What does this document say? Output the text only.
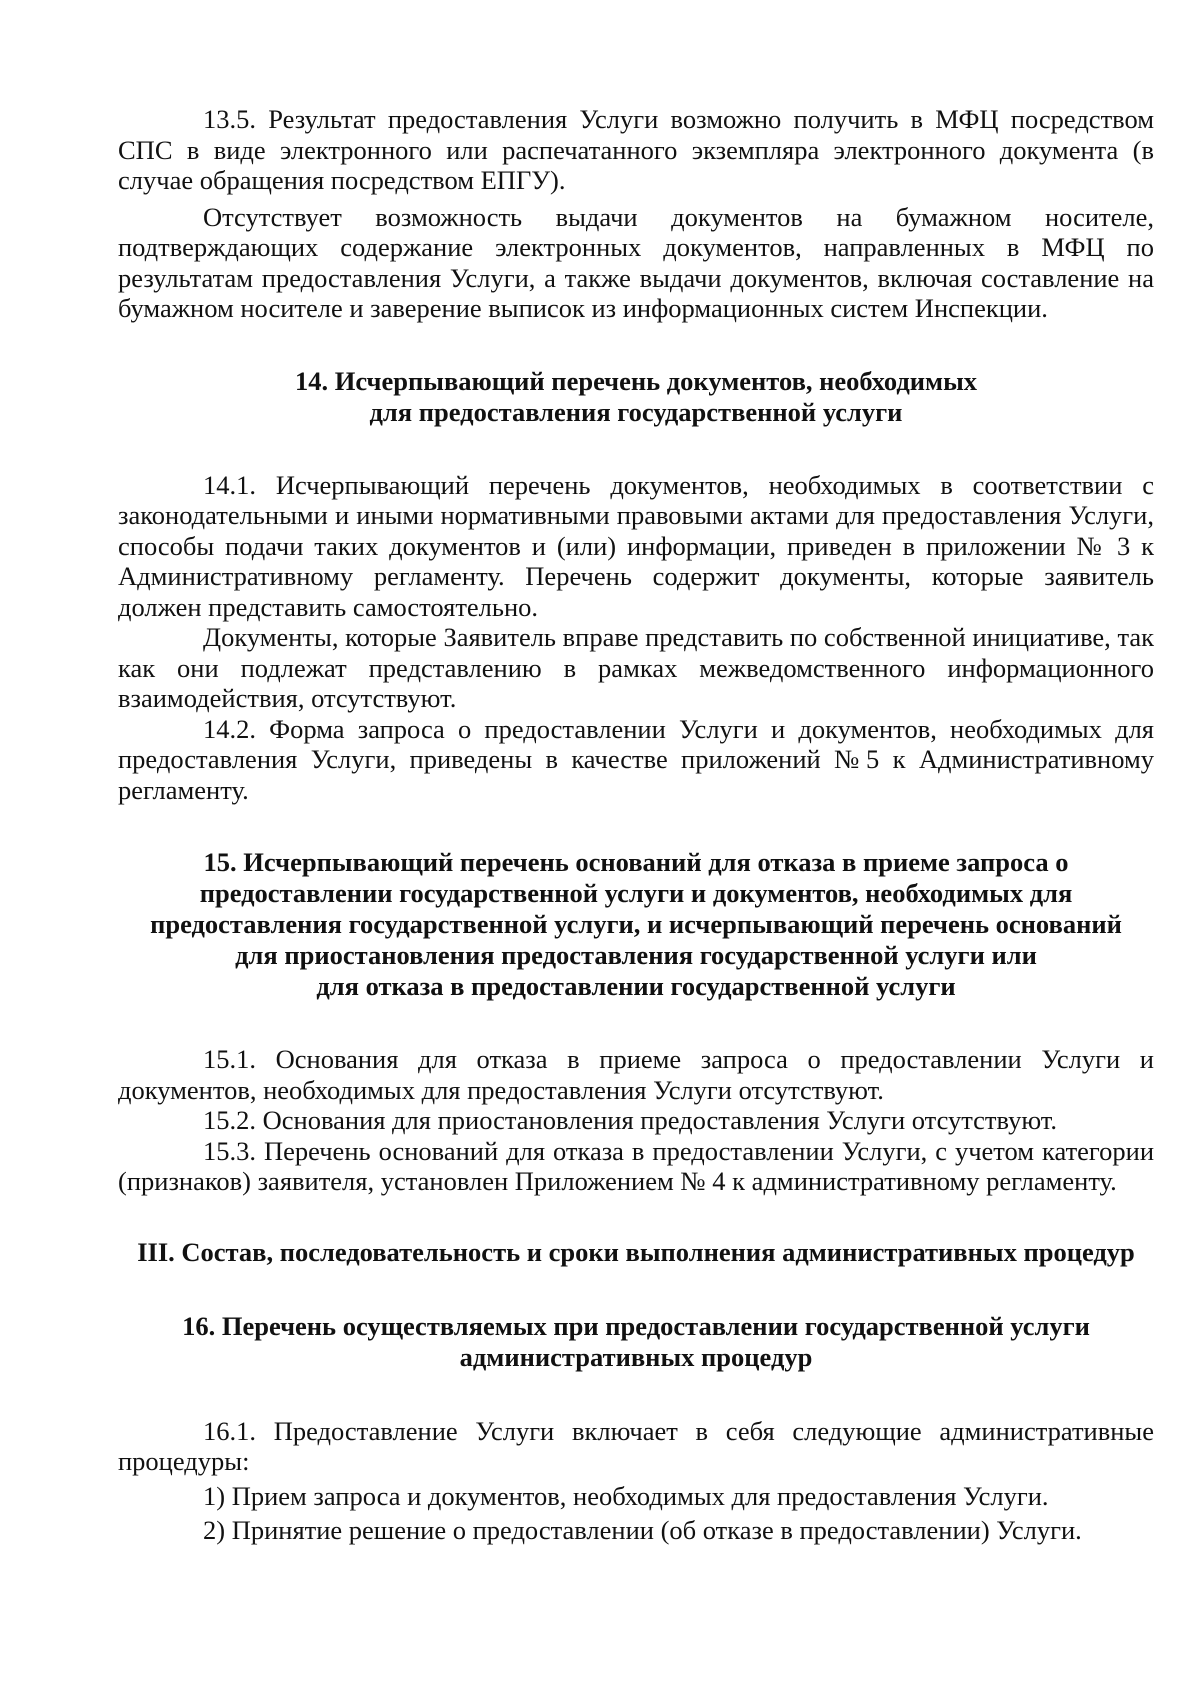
13.5. Результат предоставления Услуги возможно получить в МФЦ посредством СПС в виде электронного или распечатанного экземпляра электронного документа (в случае обращения посредством ЕПГУ).

Отсутствует возможность выдачи документов на бумажном носителе, подтверждающих содержание электронных документов, направленных в МФЦ по результатам предоставления Услуги, а также выдачи документов, включая составление на бумажном носителе и заверение выписок из информационных систем Инспекции.

14. Исчерпывающий перечень документов, необходимых
для предоставления государственной услуги

14.1. Исчерпывающий перечень документов, необходимых в соответствии с законодательными и иными нормативными правовыми актами для предоставления Услуги, способы подачи таких документов и (или) информации, приведен в приложении № 3 к Административному регламенту. Перечень содержит документы, которые заявитель должен представить самостоятельно.

Документы, которые Заявитель вправе представить по собственной инициативе, так как они подлежат представлению в рамках межведомственного информационного взаимодействия, отсутствуют.

14.2. Форма запроса о предоставлении Услуги и документов, необходимых для предоставления Услуги, приведены в качестве приложений №5 к Административному регламенту.

15. Исчерпывающий перечень оснований для отказа в приеме запроса о
предоставлении государственной услуги и документов, необходимых для
предоставления государственной услуги, и исчерпывающий перечень оснований
для приостановления предоставления государственной услуги или
для отказа в предоставлении государственной услуги

15.1. Основания для отказа в приеме запроса о предоставлении Услуги и документов, необходимых для предоставления Услуги отсутствуют.

15.2. Основания для приостановления предоставления Услуги отсутствуют.

15.3. Перечень оснований для отказа в предоставлении Услуги, с учетом категории (признаков) заявителя, установлен Приложением № 4 к административному регламенту.

III. Состав, последовательность и сроки выполнения административных процедур
16. Перечень осуществляемых при предоставлении государственной услуги
административных процедур

16.1. Предоставление Услуги включает в себя следующие административные процедуры:

1) Прием запроса и документов, необходимых для предоставления Услуги.

2) Принятие решение о предоставлении (об отказе в предоставлении) Услуги.
